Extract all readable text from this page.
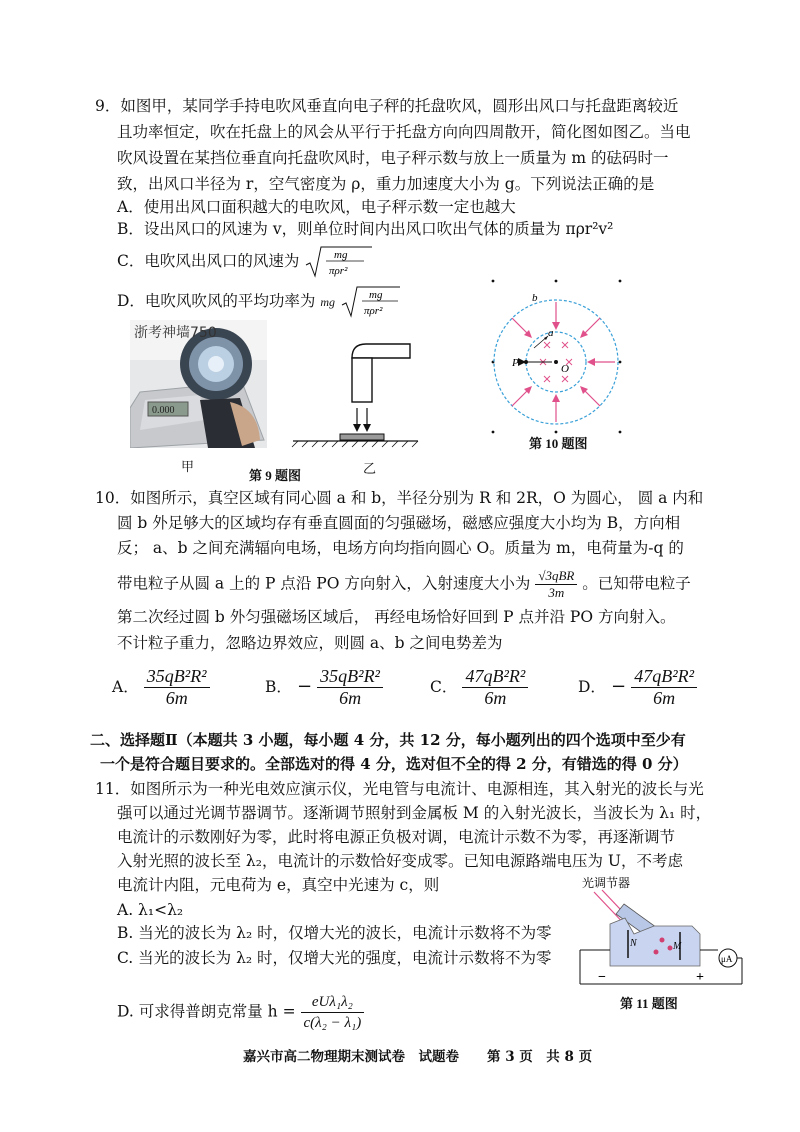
9．如图甲，某同学手持电吹风垂直向电子秤的托盘吹风，圆形出风口与托盘距离较近
且功率恒定，吹在托盘上的风会从平行于托盘方向向四周散开，简化图如图乙。当电
吹风设置在某挡位垂直向托盘吹风时，电子秤示数与放上一质量为 m 的砝码时一
致，出风口半径为 r，空气密度为 ρ，重力加速度大小为 g。下列说法正确的是
A．使用出风口面积越大的电吹风，电子秤示数一定也越大
B．设出风口的风速为 v，则单位时间内出风口吹出气体的质量为 πρr²v²
C．电吹风出风口的风速为	mg
πρr²
D．电吹风吹风的平均功率为 mg	mg
πρr²
0.000
浙考神墙750
甲	乙
第 9 题图
b
a
P	O
第 10 题图
10．如图所示，真空区域有同心圆 a 和 b，半径分别为 R 和 2R，O 为圆心， 圆 a 内和
圆 b 外足够大的区域均存有垂直圆面的匀强磁场，磁感应强度大小均为 B，方向相
反； a、b 之间充满辐向电场，电场方向均指向圆心 O。质量为 m，电荷量为-q 的
带电粒子从圆 a 上的 P 点沿 PO 方向射入，入射速度大小为 $\frac{\text{√3qBR}}{3m}$ 。已知带电粒子
第二次经过圆 b 外匀强磁场区域后， 再经电场恰好回到 P 点并沿 PO 方向射入。
不计粒子重力，忽略边界效应，则圆 a、b 之间电势差为
A． $\frac{\text{35qB²R²}}{6m}$	B． − $\frac{\text{35qB²R²}}{6m}$	C． $\frac{\text{47qB²R²}}{6m}$	D． − $\frac{\text{47qB²R²}}{6m}$
二、选择题Ⅱ（本题共 3 小题，每小题 4 分，共 12 分，每小题列出的四个选项中至少有
一个是符合题目要求的。全部选对的得 4 分，选对但不全的得 2 分，有错选的得 0 分）
11．如图所示为一种光电效应演示仪，光电管与电流计、电源相连，其入射光的波长与光
强可以通过光调节器调节。逐渐调节照射到金属板 M 的入射光波长，当波长为 λ₁ 时，
电流计的示数刚好为零，此时将电源正负极对调，电流计示数不为零，再逐渐调节
入射光照的波长至 λ₂，电流计的示数恰好变成零。已知电源路端电压为 U，不考虑
电流计内阻，元电荷为 e，真空中光速为 c，则
A. λ₁<λ₂
B. 当光的波长为 λ₂ 时，仅增大光的波长，电流计示数将不为零
C. 当光的波长为 λ₂ 时，仅增大光的强度，电流计示数将不为零
D. 可求得普朗克常量 $h = \frac{\text{eUλ₁λ₂}}{\text{c(λ₂ − λ₁)}}$
光调节器
N	M
μA
−	+
第 11 题图
嘉兴市高二物理期末测试卷　试题卷 第 3 页　共 8 页
